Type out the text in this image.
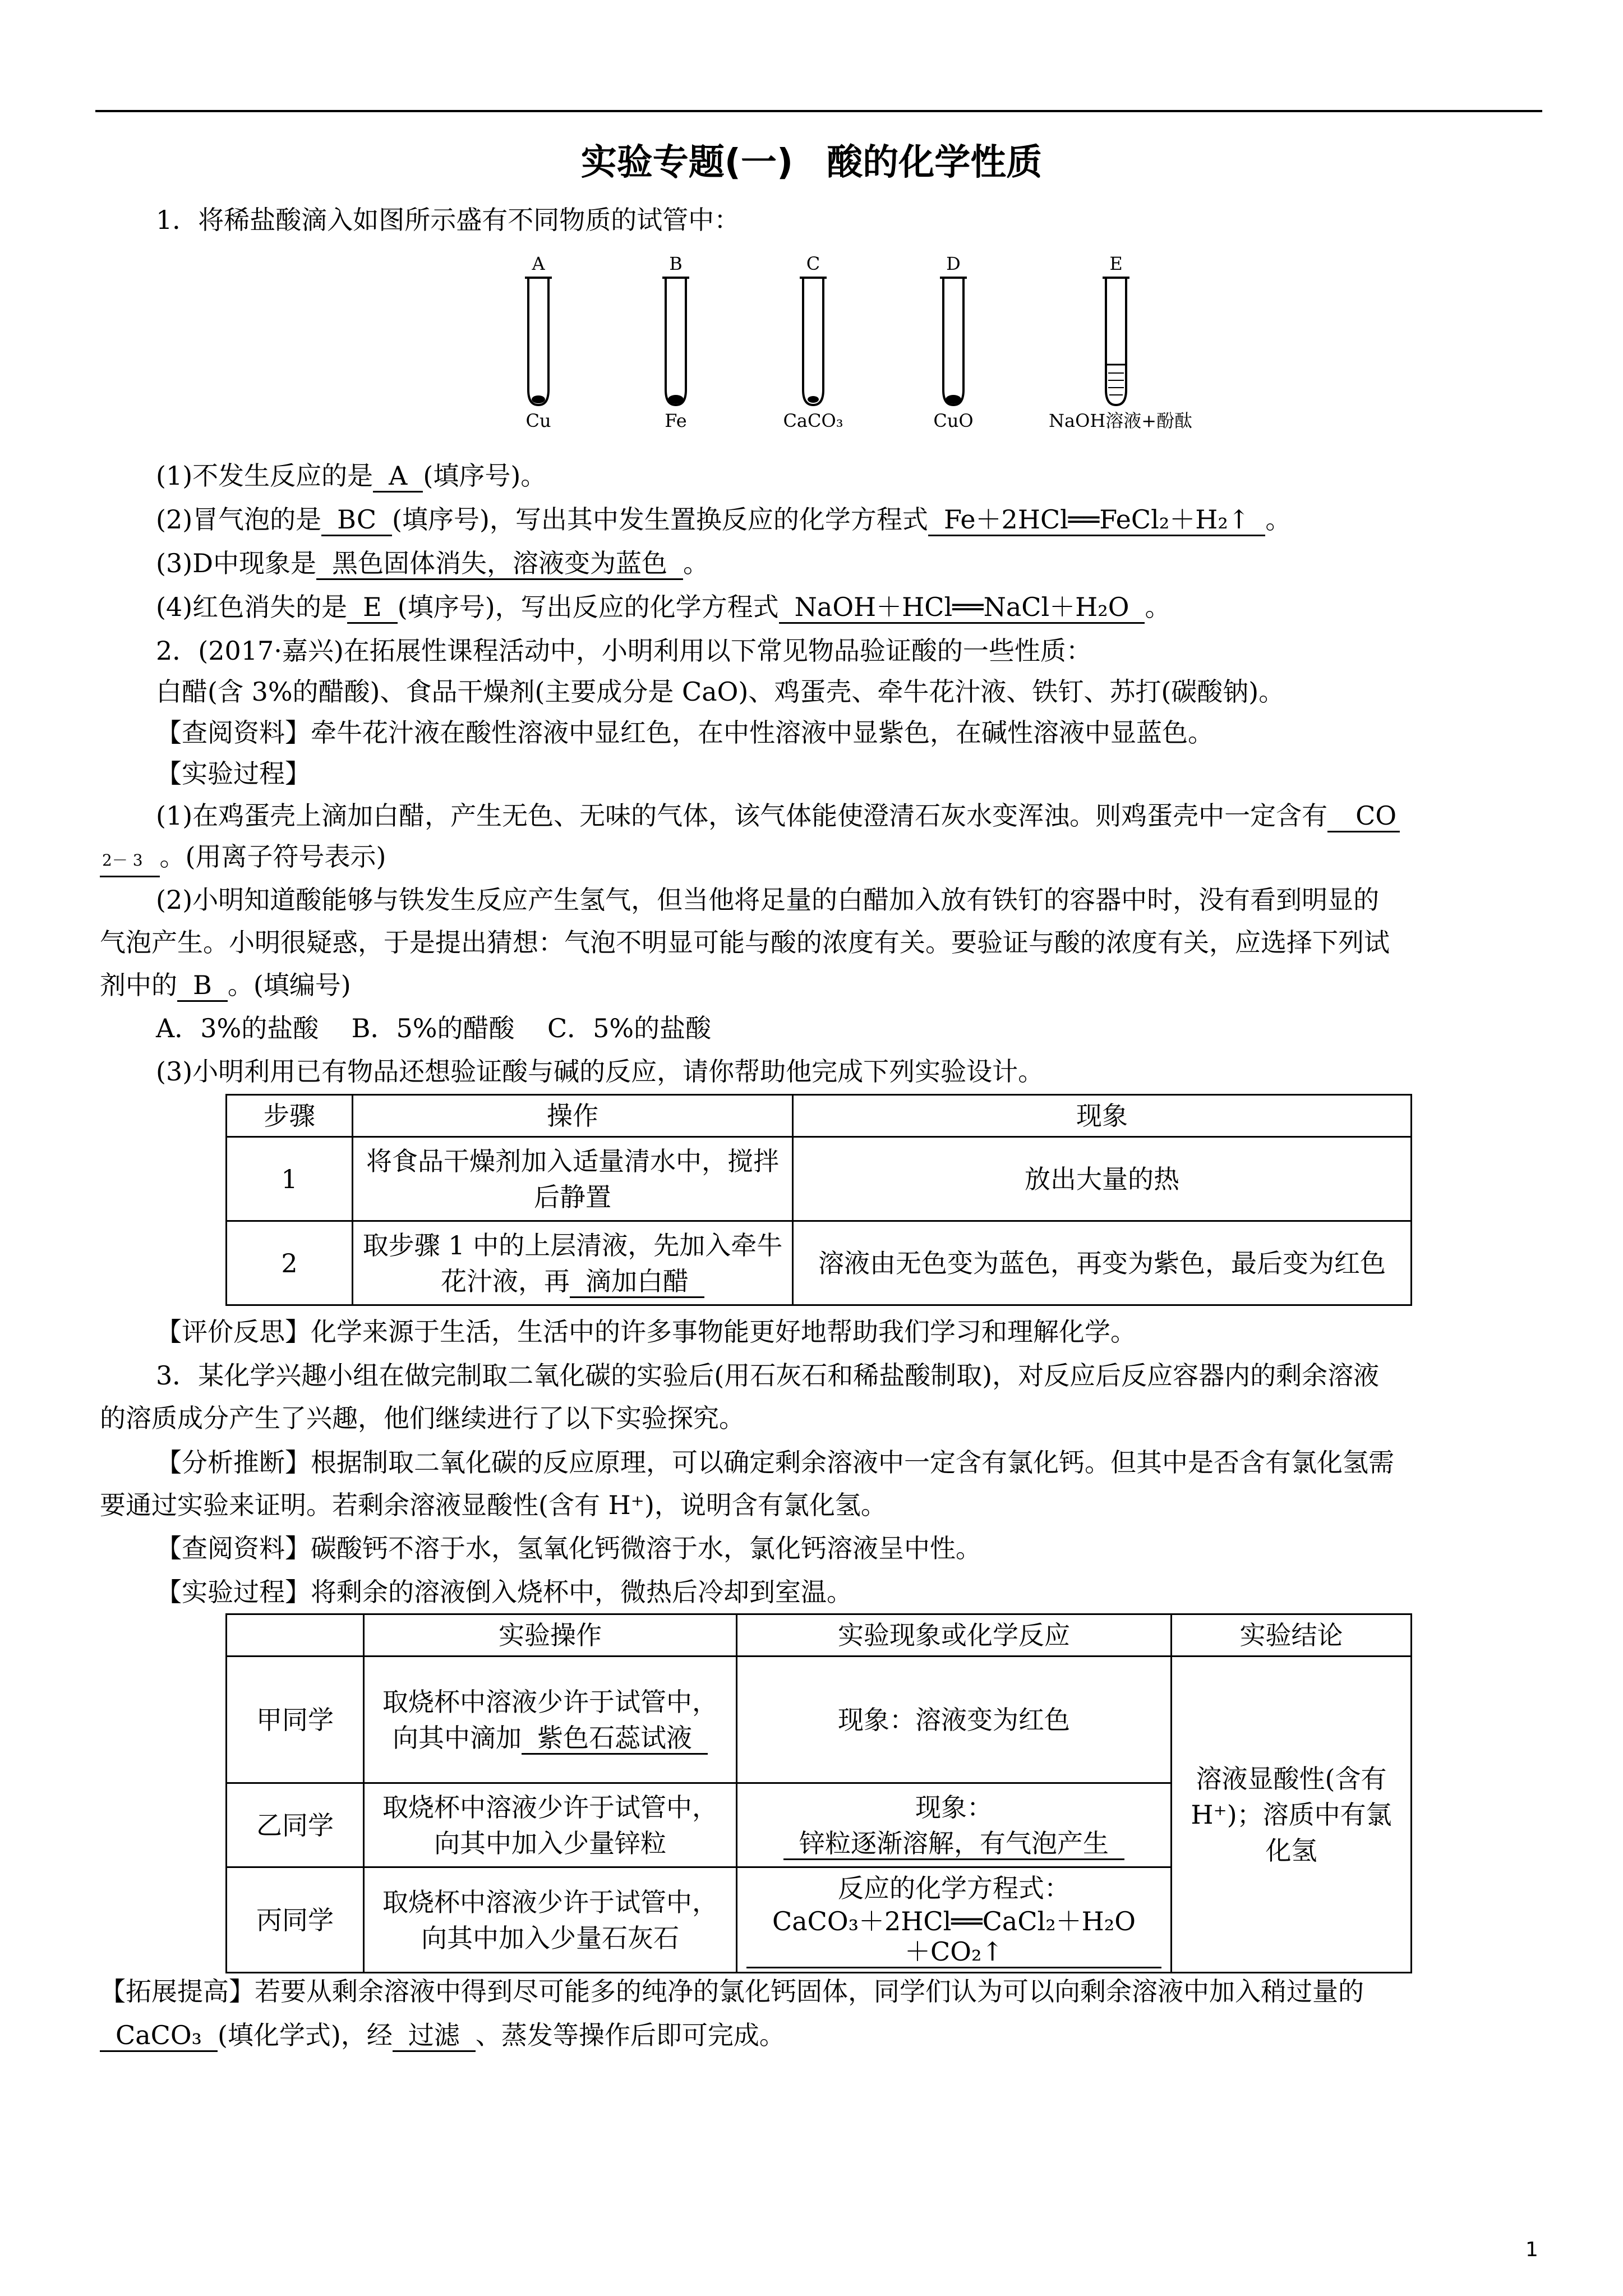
实验专题(一) 酸的化学性质
1．将稀盐酸滴入如图所示盛有不同物质的试管中：
A
Cu
B
Fe
C
CaCO₃
D
CuO
E
NaOH溶液+酚酞
(1)不发生反应的是 A (填序号)。
(2)冒气泡的是 BC (填序号)，写出其中发生置换反应的化学方程式 Fe＋2HCl══FeCl₂＋H₂↑ 。
(3)D中现象是 黑色固体消失，溶液变为蓝色 。
(4)红色消失的是 E (填序号)，写出反应的化学方程式 NaOH＋HCl══NaCl＋H₂O 。
2．(2017·嘉兴)在拓展性课程活动中，小明利用以下常见物品验证酸的一些性质：
白醋(含 3%的醋酸)、食品干燥剂(主要成分是 CaO)、鸡蛋壳、牵牛花汁液、铁钉、苏打(碳酸钠)。
【查阅资料】牵牛花汁液在酸性溶液中显红色，在中性溶液中显紫色，在碱性溶液中显蓝色。
【实验过程】
(1)在鸡蛋壳上滴加白醋，产生无色、无味的气体，该气体能使澄清石灰水变浑浊。则鸡蛋壳中一定含有 CO
2－ 3 。(用离子符号表示)
(2)小明知道酸能够与铁发生反应产生氢气，但当他将足量的白醋加入放有铁钉的容器中时，没有看到明显的
气泡产生。小明很疑惑，于是提出猜想：气泡不明显可能与酸的浓度有关。要验证与酸的浓度有关，应选择下列试
剂中的 B 。(填编号)
A．3%的盐酸    B．5%的醋酸    C．5%的盐酸
(3)小明利用已有物品还想验证酸与碱的反应，请你帮助他完成下列实验设计。
步骤	操作	现象
1	将食品干燥剂加入适量清水中，搅拌后静置	放出大量的热
2	取步骤 1 中的上层清液，先加入牵牛花汁液，再 滴加白醋	溶液由无色变为蓝色，再变为紫色，最后变为红色
【评价反思】化学来源于生活，生活中的许多事物能更好地帮助我们学习和理解化学。
3．某化学兴趣小组在做完制取二氧化碳的实验后(用石灰石和稀盐酸制取)，对反应后反应容器内的剩余溶液
的溶质成分产生了兴趣，他们继续进行了以下实验探究。
【分析推断】根据制取二氧化碳的反应原理，可以确定剩余溶液中一定含有氯化钙。但其中是否含有氯化氢需
要通过实验来证明。若剩余溶液显酸性(含有 H⁺)，说明含有氯化氢。
【查阅资料】碳酸钙不溶于水，氢氧化钙微溶于水，氯化钙溶液呈中性。
【实验过程】将剩余的溶液倒入烧杯中，微热后冷却到室温。
	实验操作	实验现象或化学反应	实验结论
甲同学	取烧杯中溶液少许于试管中，向其中滴加 紫色石蕊试液	现象：溶液变为红色	溶液显酸性(含有 H⁺)；溶质中有氯化氢
乙同学	取烧杯中溶液少许于试管中，向其中加入少量锌粒	现象：锌粒逐渐溶解，有气泡产生	
丙同学	取烧杯中溶液少许于试管中，向其中加入少量石灰石	反应的化学方程式：CaCO₃＋2HCl══CaCl₂＋H₂O＋CO₂↑	
【拓展提高】若要从剩余溶液中得到尽可能多的纯净的氯化钙固体，同学们认为可以向剩余溶液中加入稍过量的
CaCO₃ (填化学式)，经 过滤 、蒸发等操作后即可完成。
1
